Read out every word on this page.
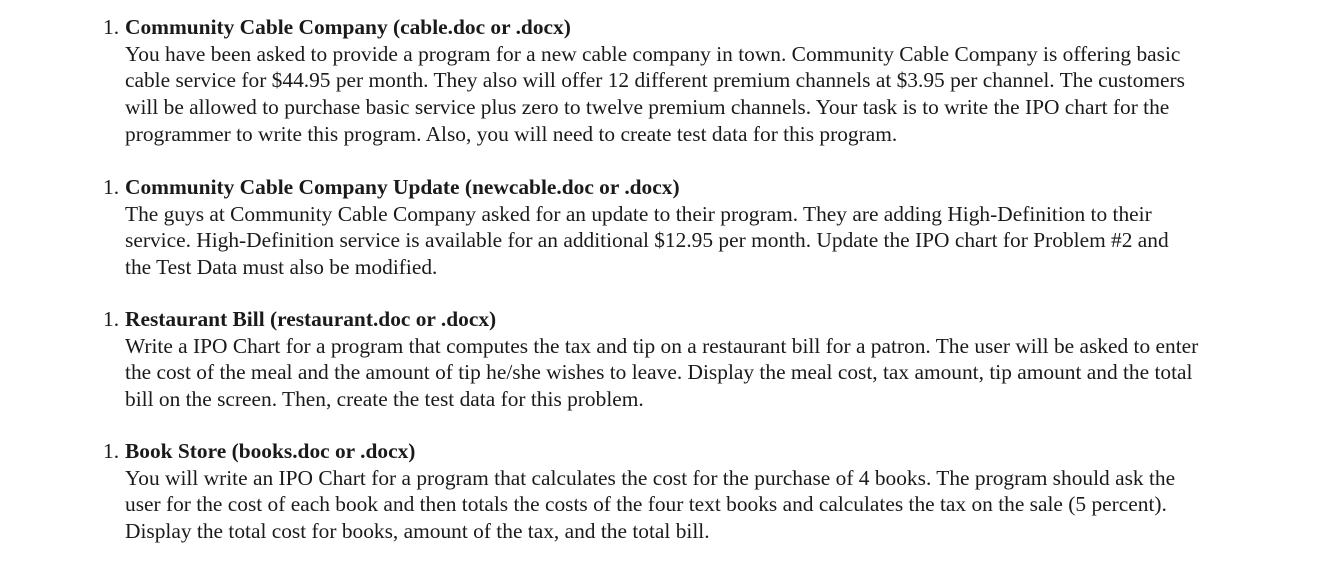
1. Community Cable Company (cable.doc or .docx)
You have been asked to provide a program for a new cable company in town. Community Cable Company is offering basic
cable service for $44.95 per month. They also will offer 12 different premium channels at $3.95 per channel. The customers
will be allowed to purchase basic service plus zero to twelve premium channels. Your task is to write the IPO chart for the
programmer to write this program. Also, you will need to create test data for this program.
1. Community Cable Company Update (newcable.doc or .docx)
The guys at Community Cable Company asked for an update to their program. They are adding High-Definition to their
service. High-Definition service is available for an additional $12.95 per month. Update the IPO chart for Problem #2 and
the Test Data must also be modified.
1. Restaurant Bill (restaurant.doc or .docx)
Write a IPO Chart for a program that computes the tax and tip on a restaurant bill for a patron. The user will be asked to enter
the cost of the meal and the amount of tip he/she wishes to leave. Display the meal cost, tax amount, tip amount and the total
bill on the screen. Then, create the test data for this problem.
1. Book Store (books.doc or .docx)
You will write an IPO Chart for a program that calculates the cost for the purchase of 4 books. The program should ask the
user for the cost of each book and then totals the costs of the four text books and calculates the tax on the sale (5 percent).
Display the total cost for books, amount of the tax, and the total bill.
